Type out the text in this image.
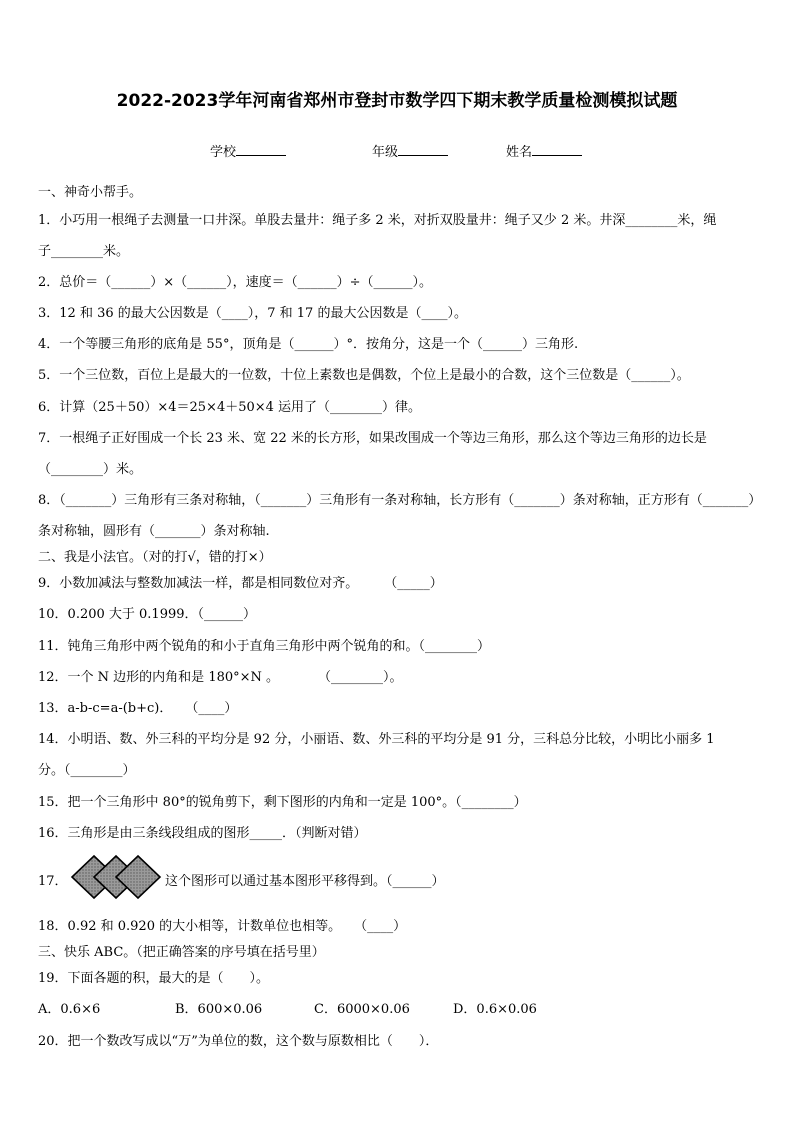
2022-2023学年河南省郑州市登封市数学四下期末教学质量检测模拟试题
学校	年级	姓名
一、神奇小帮手。
1．小巧用一根绳子去测量一口井深。单股去量井：绳子多 2 米，对折双股量井：绳子又少 2 米。井深________米，绳
子________米。
2．总价＝（______）×（______），速度＝（______）÷（______）。
3．12 和 36 的最大公因数是（____），7 和 17 的最大公因数是（____）。
4．一个等腰三角形的底角是 55°，顶角是（______）°．按角分，这是一个（______）三角形.
5．一个三位数，百位上是最大的一位数，十位上素数也是偶数，个位上是最小的合数，这个三位数是（______）。
6．计算（25＋50）×4＝25×4＋50×4 运用了（________）律。
7．一根绳子正好围成一个长 23 米、宽 22 米的长方形，如果改围成一个等边三角形，那么这个等边三角形的边长是
（________）米。
8．（_______）三角形有三条对称轴，（_______）三角形有一条对称轴，长方形有（_______）条对称轴，正方形有（_______）
条对称轴，圆形有（_______）条对称轴.
二、我是小法官。（对的打√，错的打×）
9．小数加减法与整数加减法一样，都是相同数位对齐。　　　（_____）
10．0.200 大于 0.1999．（______）
11．钝角三角形中两个锐角的和小于直角三角形中两个锐角的和。（________）
12．一个 N 边形的内角和是 180°×N 。　　　　（________）。
13．a-b-c=a-(b+c)．　　（____）
14．小明语、数、外三科的平均分是 92 分，小丽语、数、外三科的平均分是 91 分，三科总分比较，小明比小丽多 1
分。（________）
15．把一个三角形中 80°的锐角剪下，剩下图形的内角和一定是 100°。（________）
16．三角形是由三条线段组成的图形_____．（判断对错）
17．	这个图形可以通过基本图形平移得到。（______）
18．0.92 和 0.920 的大小相等，计数单位也相等。　　（____）
三、快乐 ABC。（把正确答案的序号填在括号里）
19．下面各题的积，最大的是（　　）。
A．0.6×6	B．600×0.06	C．6000×0.06	D．0.6×0.06
20．把一个数改写成以“万”为单位的数，这个数与原数相比（　　）．
